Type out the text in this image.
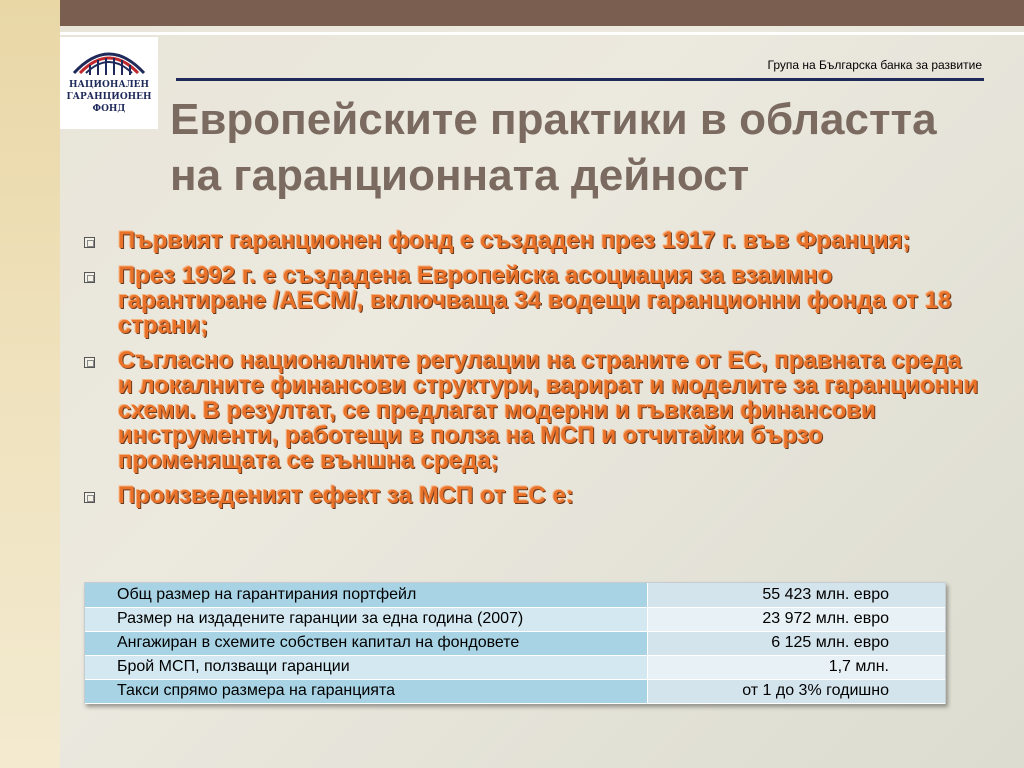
НАЦИОНАЛЕН
ГАРАНЦИОНЕН
ФОНД
Група на Българска банка за развитие
Европейските практики в областта
на гаранционната дейност
Първият гаранционен фонд е създаден през 1917 г. във Франция;
През 1992 г. е създадена Европейска асоциация за взаимно гарантиране /AECM/, включваща 34 водещи гаранционни фонда от 18 страни;
Съгласно националните регулации на страните от ЕС, правната среда и локалните финансови структури, варират и моделите за гаранционни схеми. В резултат, се предлагат модерни и гъвкави финансови инструменти, работещи в полза на МСП и отчитайки бързо променящата се външна среда;
Произведеният ефект за МСП от ЕС е:
Общ размер на гарантирания портфейл	55 423 млн. евро
Размер на издадените гаранции за една година (2007)	23 972 млн. евро
Ангажиран в схемите собствен капитал на фондовете	6 125 млн. евро
Брой МСП, ползващи гаранции	1,7 млн.
Такси спрямо размера на гаранцията	от 1 до 3% годишно
